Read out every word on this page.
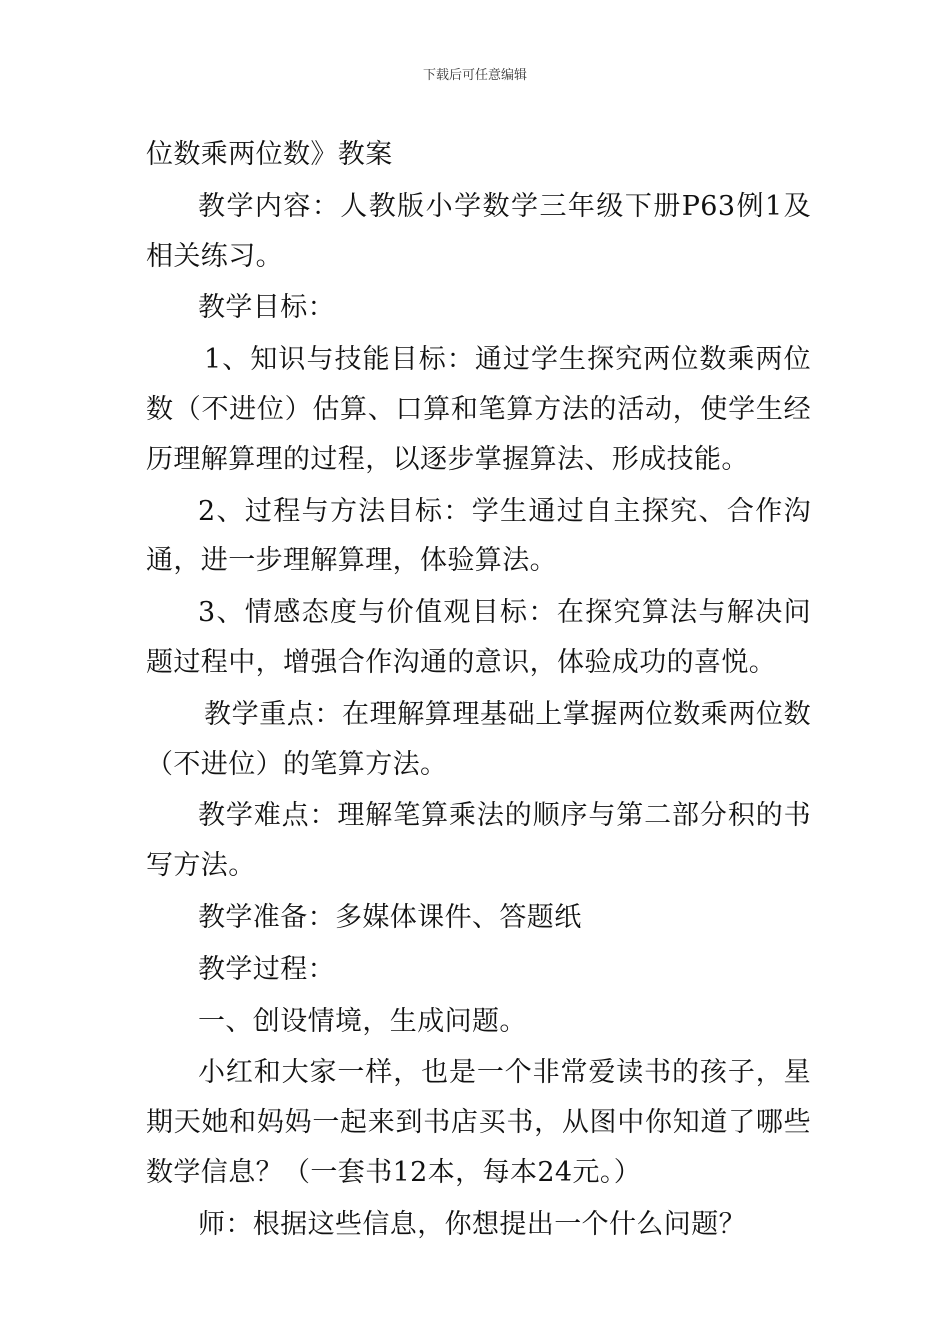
下载后可任意编辑

位数乘两位数》教案

教学内容：人教版小学数学三年级下册P63例1及相关练习。

教学目标：

1、知识与技能目标：通过学生探究两位数乘两位数（不进位）估算、口算和笔算方法的活动，使学生经历理解算理的过程，以逐步掌握算法、形成技能。

2、过程与方法目标：学生通过自主探究、合作沟通，进一步理解算理，体验算法。

3、情感态度与价值观目标：在探究算法与解决问题过程中，增强合作沟通的意识，体验成功的喜悦。

教学重点：在理解算理基础上掌握两位数乘两位数（不进位）的笔算方法。

教学难点：理解笔算乘法的顺序与第二部分积的书写方法。

教学准备：多媒体课件、答题纸

教学过程：

一、创设情境，生成问题。

小红和大家一样，也是一个非常爱读书的孩子，星期天她和妈妈一起来到书店买书，从图中你知道了哪些数学信息？（一套书12本，每本24元。）

师：根据这些信息，你想提出一个什么问题？
